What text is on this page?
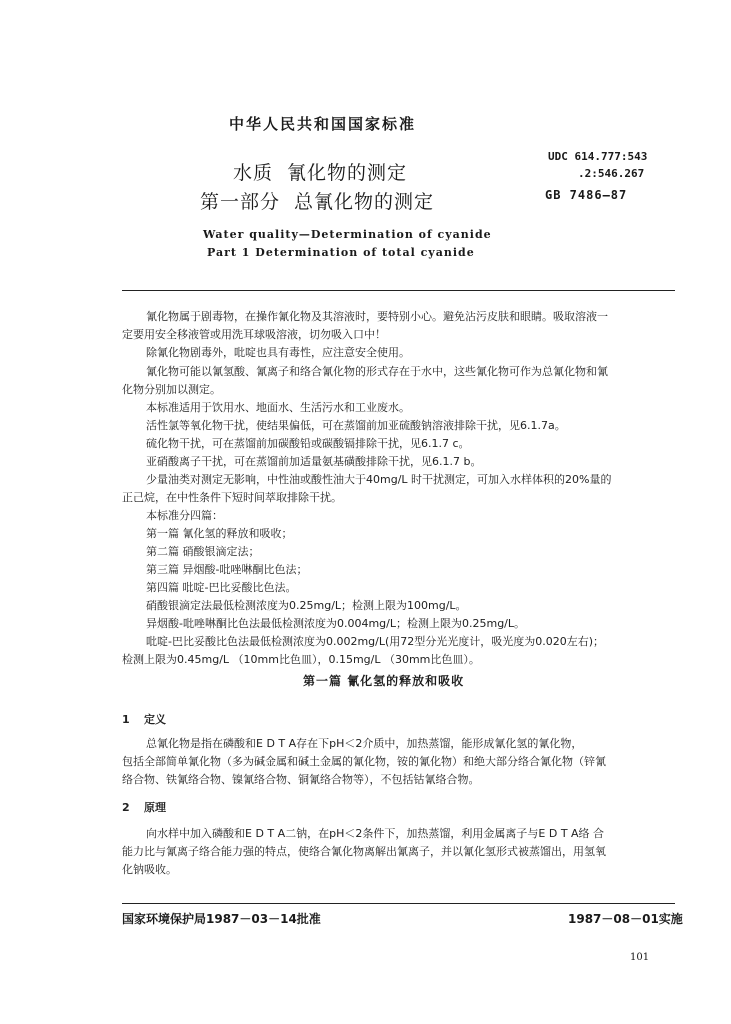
中华人民共和国国家标准
水质 氰化物的测定
第一部分 总氰化物的测定
UDC 614.777:543
.2:546.267
GB 7486—87
Water quality—Determination of cyanide
Part 1 Determination of total cyanide
氰化物属于剧毒物，在操作氰化物及其溶液时，要特别小心。避免沾污皮肤和眼睛。吸取溶液一
定要用安全移液管或用洗耳球吸溶液，切勿吸入口中！
除氰化物剧毒外，吡啶也具有毒性，应注意安全使用。
氰化物可能以氰氢酸、氰离子和络合氰化物的形式存在于水中，这些氰化物可作为总氰化物和氰
化物分别加以测定。
本标准适用于饮用水、地面水、生活污水和工业废水。
活性氯等氧化物干扰，使结果偏低，可在蒸馏前加亚硫酸钠溶液排除干扰，见6.1.7a。
硫化物干扰，可在蒸馏前加碳酸铅或碳酸镉排除干扰，见6.1.7 c。
亚硝酸离子干扰，可在蒸馏前加适量氨基磺酸排除干扰，见6.1.7 b。
少量油类对测定无影响，中性油或酸性油大于40mg/L 时干扰测定，可加入水样体积的20%量的
正己烷，在中性条件下短时间萃取排除干扰。
本标准分四篇：
第一篇 氰化氢的释放和吸收；
第二篇 硝酸银滴定法；
第三篇 异烟酸-吡唑啉酮比色法；
第四篇 吡啶-巴比妥酸比色法。
硝酸银滴定法最低检测浓度为0.25mg/L；检测上限为100mg/L。
异烟酸-吡唑啉酮比色法最低检测浓度为0.004mg/L；检测上限为0.25mg/L。
吡啶-巴比妥酸比色法最低检测浓度为0.002mg/L(用72型分光光度计，吸光度为0.020左右)；
检测上限为0.45mg/L （10mm比色皿），0.15mg/L （30mm比色皿）。
第一篇 氰化氢的释放和吸收
1 定义
总氰化物是指在磷酸和E D T A存在下pH＜2介质中，加热蒸馏，能形成氰化氢的氰化物，
包括全部简单氰化物（多为碱金属和碱土金属的氰化物，铵的氰化物）和绝大部分络合氰化物（锌氰
络合物、铁氰络合物、镍氰络合物、铜氰络合物等），不包括钴氰络合物。
2 原理
向水样中加入磷酸和E D T A二钠，在pH＜2条件下，加热蒸馏，利用金属离子与E D T A络 合
能力比与氰离子络合能力强的特点，使络合氰化物离解出氰离子，并以氰化氢形式被蒸馏出，用氢氧
化钠吸收。
国家环境保护局1987－03－14批准	1987－08－01实施
101
